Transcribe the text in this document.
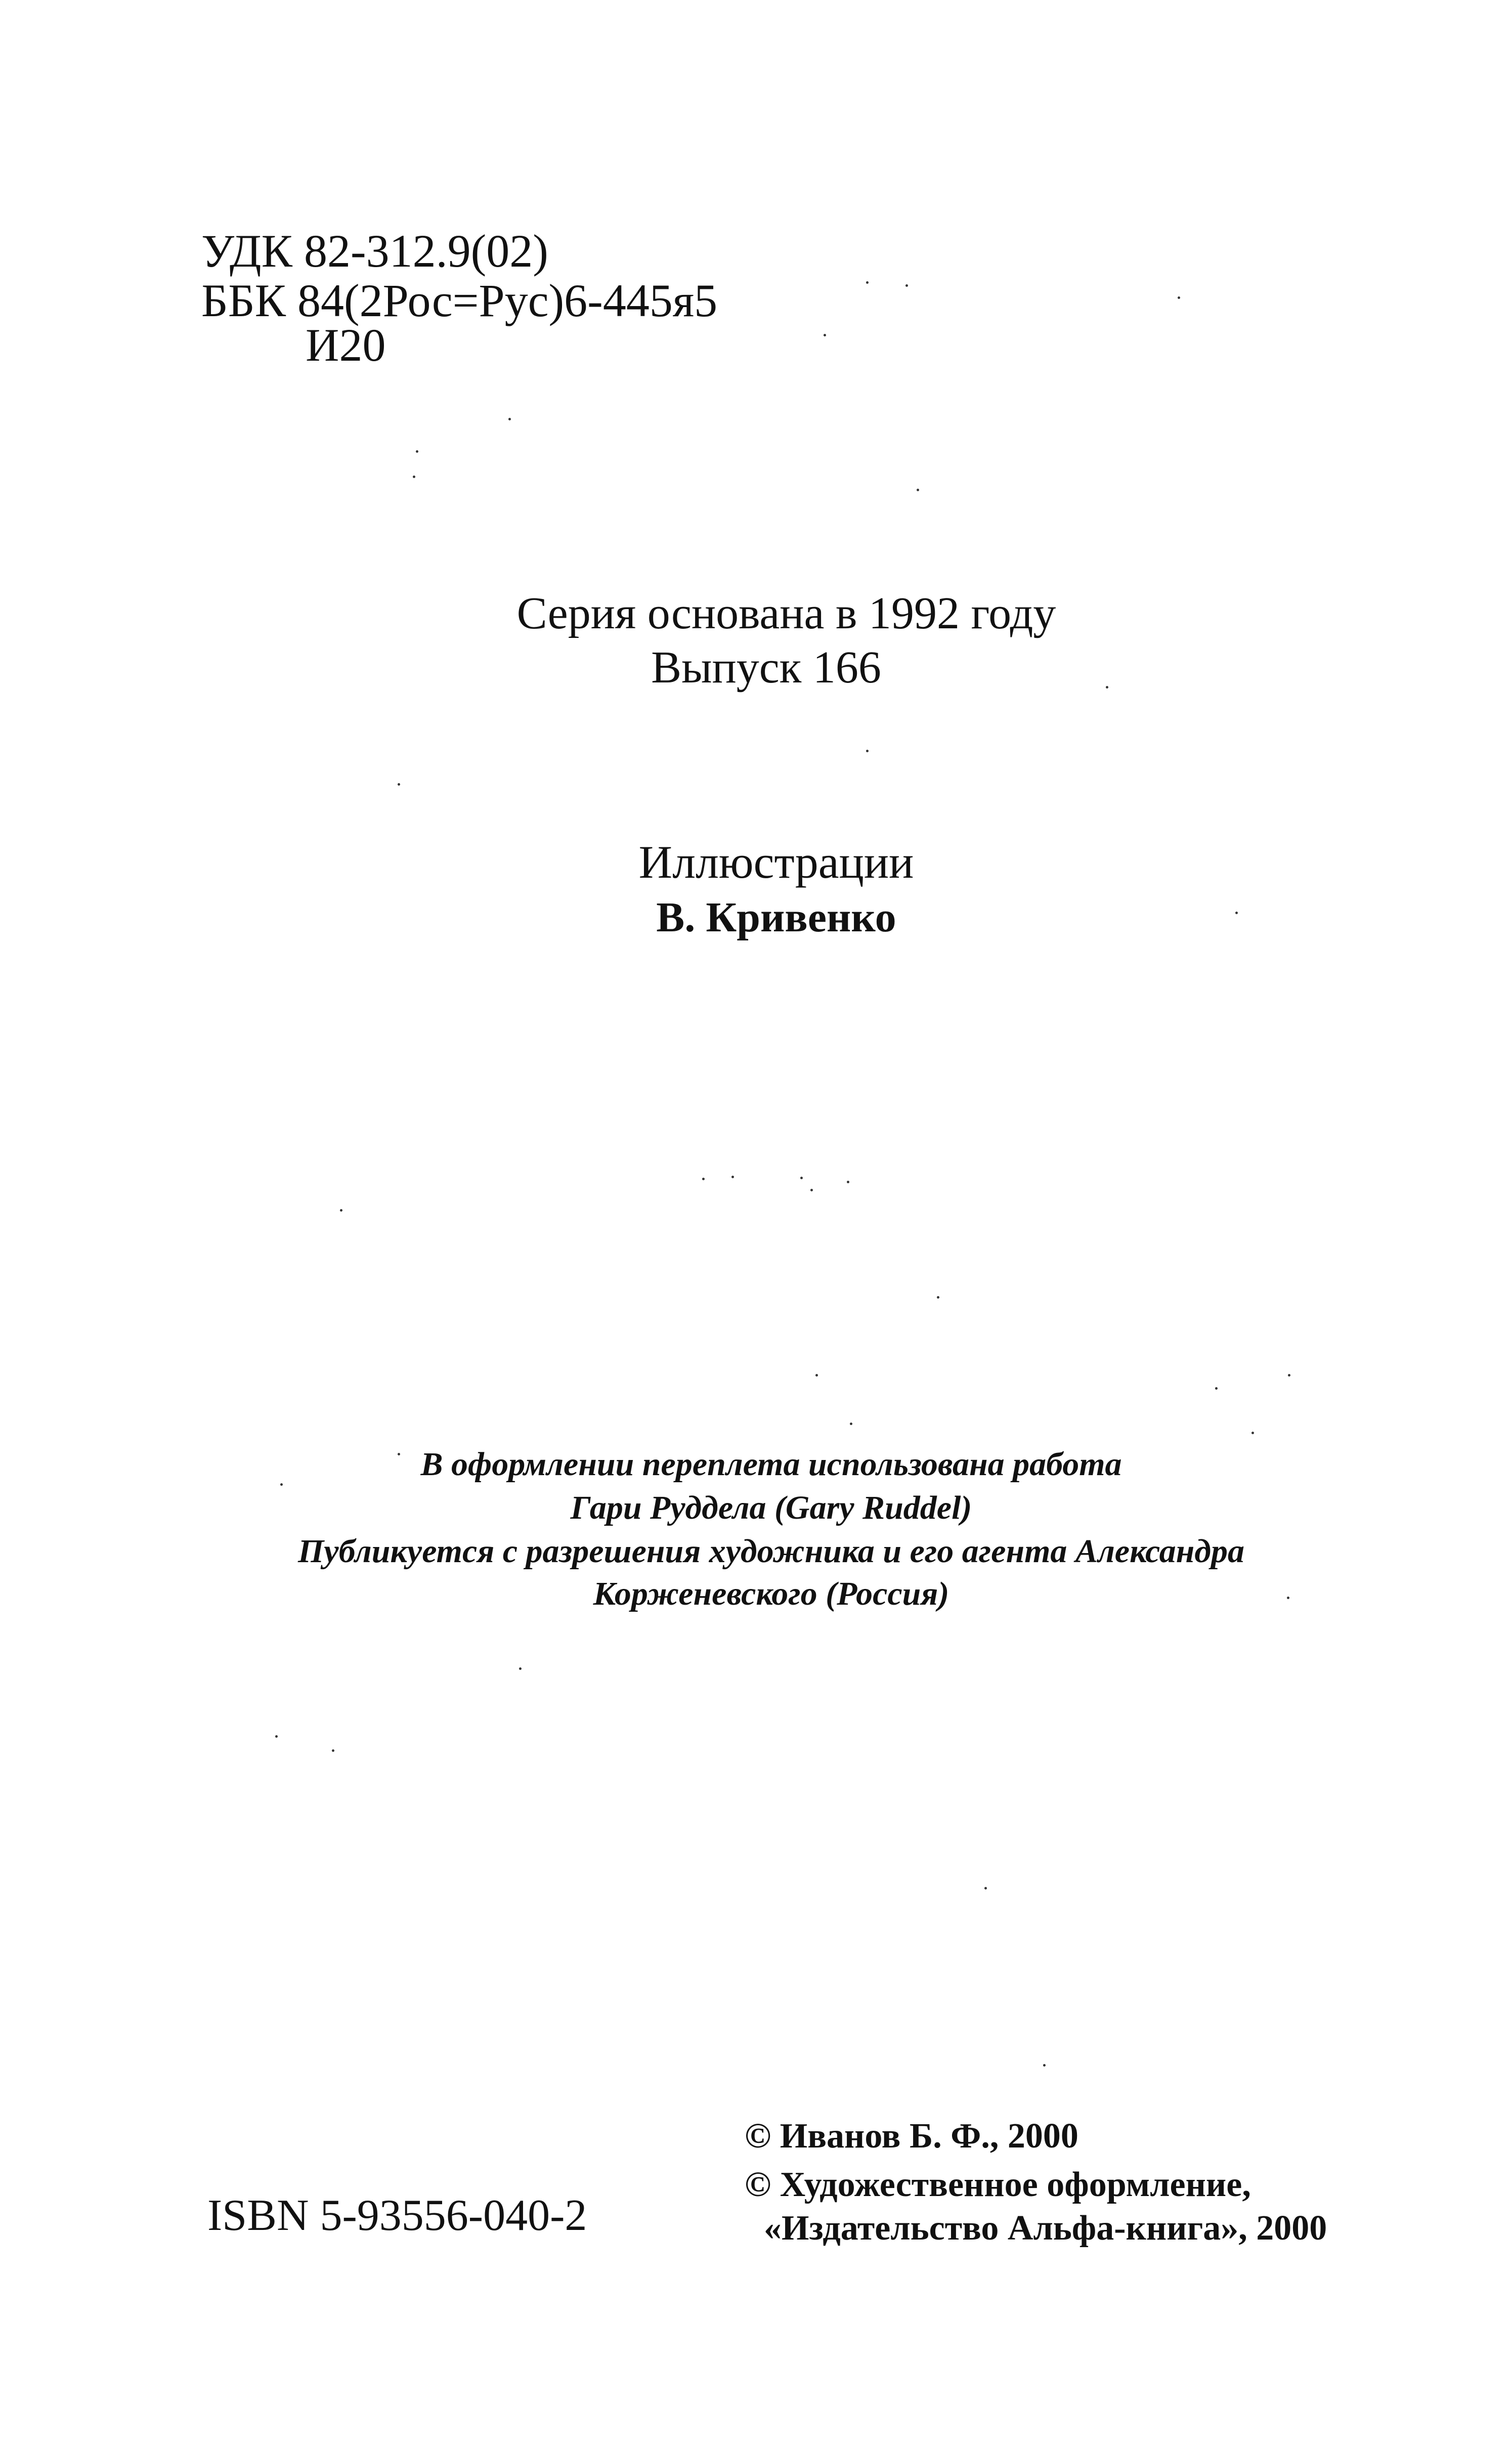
УДК 82-312.9(02)
ББК 84(2Рос=Рус)6-445я5
И20
Серия основана в 1992 году
Выпуск 166
Иллюстрации
В. Кривенко
В оформлении переплета использована работа
Гари Руддела (Gary Ruddel)
Публикуется с разрешения художника и его агента Александра
Корженевского (Россия)
ISBN 5-93556-040-2
© Иванов Б. Ф., 2000
© Художественное оформление,
«Издательство Альфа-книга», 2000
